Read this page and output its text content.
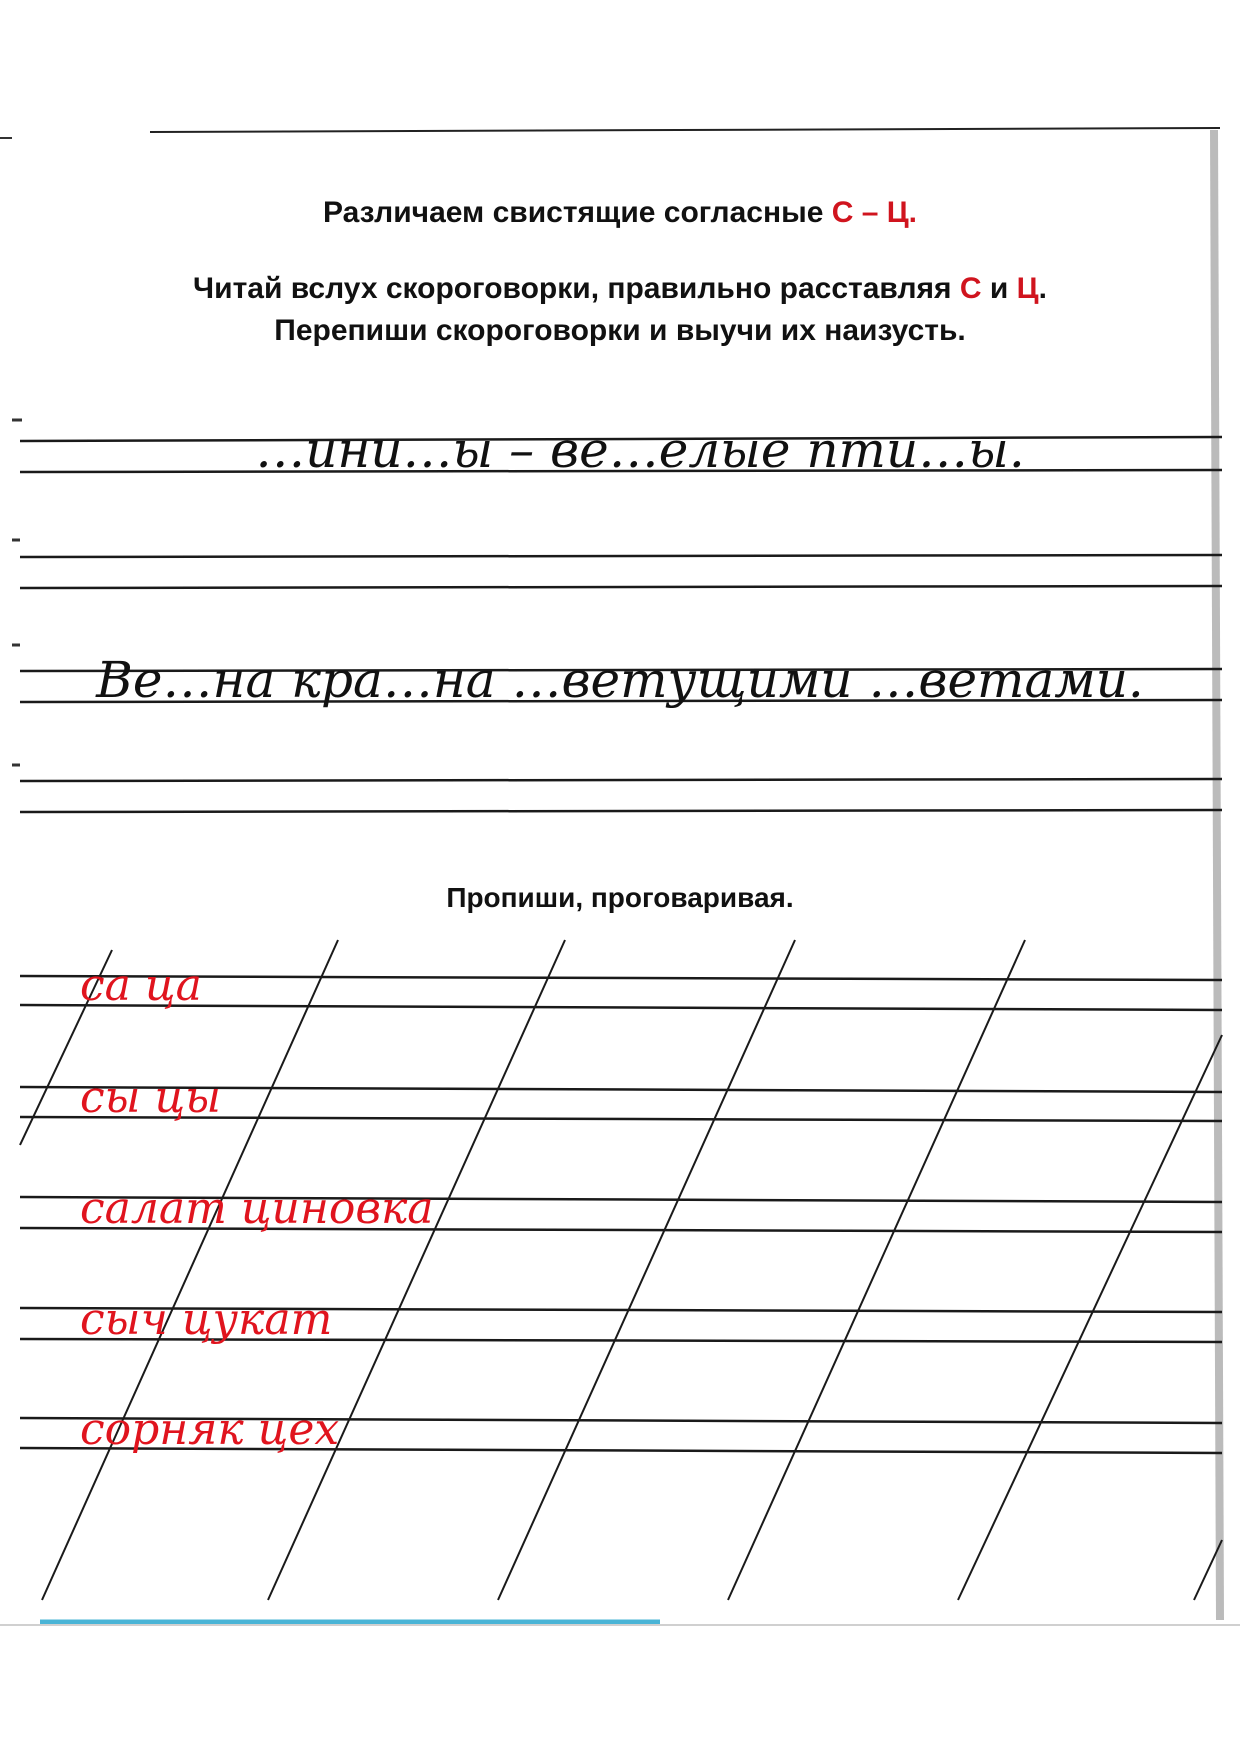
Различаем свистящие согласные С – Ц.
Читай вслух скороговорки, правильно расставляя С и Ц.
Перепиши скороговорки и выучи их наизусть.
…ини…ы – ве…елые пти…ы.
Ве…на кра…на …ветущими …ветами.
са ца
сы цы
салат циновка
сыч цукат
сорняк цех
Пропиши, проговаривая.
